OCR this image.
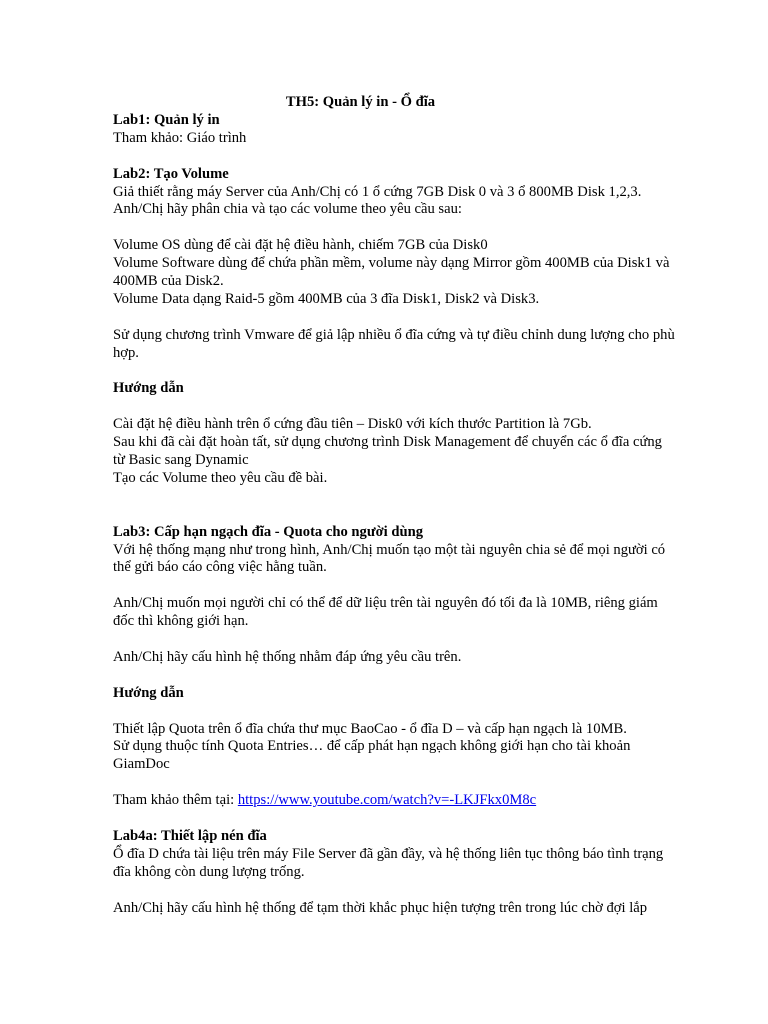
TH5: Quản lý in - Ổ đĩa

Lab1: Quản lý in

Tham khảo: Giáo trình

Lab2: Tạo Volume

Giả thiết rằng máy Server của Anh/Chị có 1 ổ cứng 7GB Disk 0 và 3 ổ 800MB Disk 1,2,3.

Anh/Chị hãy phân chia và tạo các volume theo yêu cầu sau:

Volume OS dùng để cài đặt hệ điều hành, chiếm 7GB của Disk0

Volume Software dùng để chứa phần mềm, volume này dạng Mirror gồm 400MB của Disk1 và

400MB của Disk2.

Volume Data dạng Raid-5 gồm 400MB của 3 đĩa Disk1, Disk2 và Disk3.

Sử dụng chương trình Vmware để giả lập nhiều ổ đĩa cứng và tự điều chỉnh dung lượng cho phù

hợp.

Hướng dẫn

Cài đặt hệ điều hành trên ổ cứng đầu tiên – Disk0 với kích thước Partition là 7Gb.

Sau khi đã cài đặt hoàn tất, sử dụng chương trình Disk Management để chuyển các ổ đĩa cứng

từ Basic sang Dynamic

Tạo các Volume theo yêu cầu đề bài.

Lab3: Cấp hạn ngạch đĩa - Quota cho người dùng

Với hệ thống mạng như trong hình, Anh/Chị muốn tạo một tài nguyên chia sẻ để mọi người có

thể gửi báo cáo công việc hằng tuần.

Anh/Chị muốn mọi người chỉ có thể để dữ liệu trên tài nguyên đó tối đa là 10MB, riêng giám

đốc thì không giới hạn.

Anh/Chị hãy cấu hình hệ thống nhằm đáp ứng yêu cầu trên.

Hướng dẫn

Thiết lập Quota trên ổ đĩa chứa thư mục BaoCao - ổ đĩa D – và cấp hạn ngạch là 10MB.

Sử dụng thuộc tính Quota Entries… để cấp phát hạn ngạch không giới hạn cho tài khoản

GiamDoc

Tham khảo thêm tại: https://www.youtube.com/watch?v=-LKJFkx0M8c

Lab4a: Thiết lập nén đĩa

Ổ đĩa D chứa tài liệu trên máy File Server đã gần đầy, và hệ thống liên tục thông báo tình trạng

đĩa không còn dung lượng trống.

Anh/Chị hãy cấu hình hệ thống để tạm thời khắc phục hiện tượng trên trong lúc chờ đợi lắp
